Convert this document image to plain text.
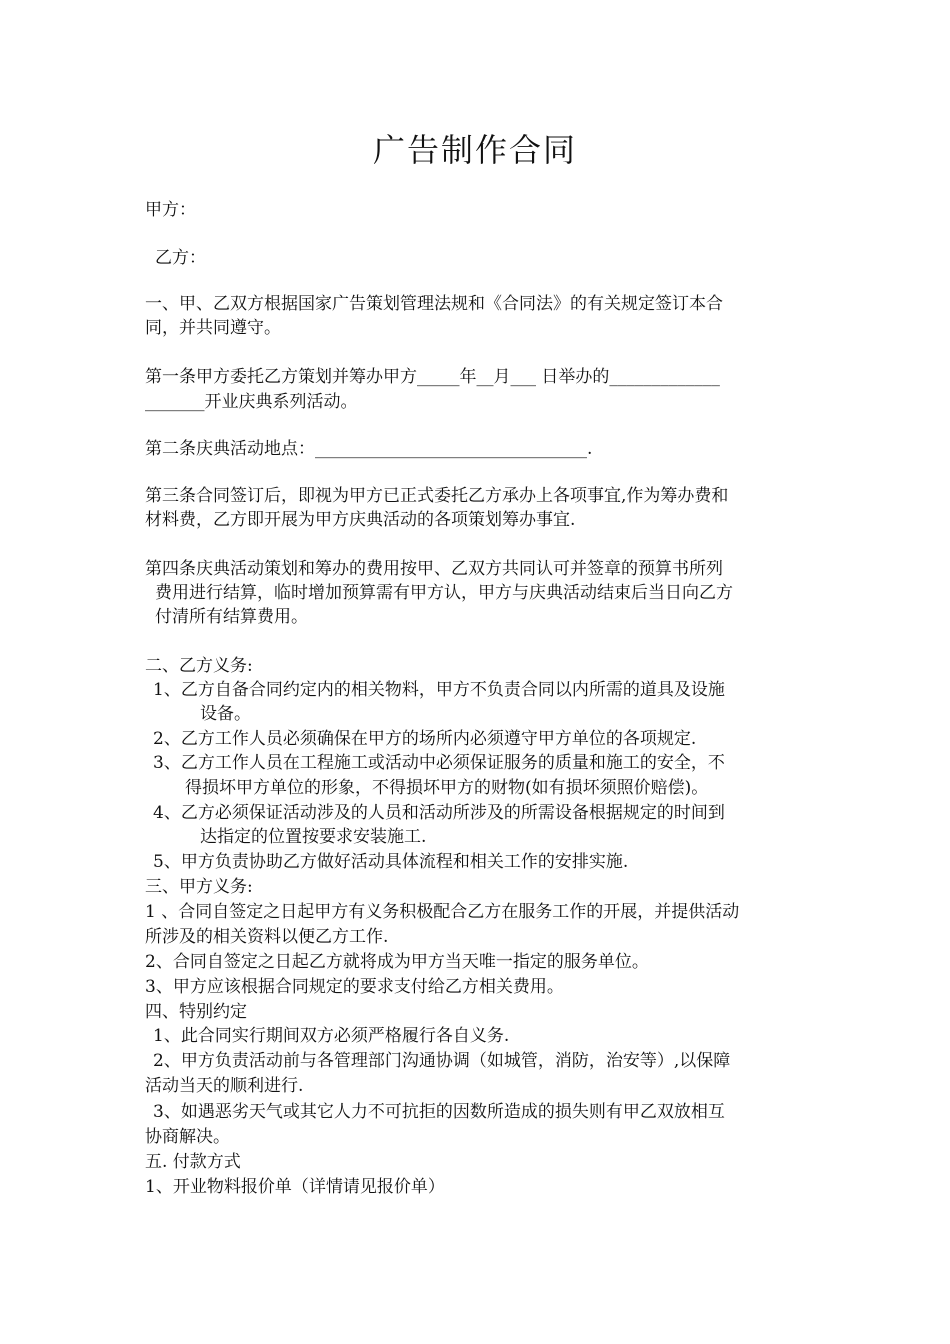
广告制作合同
甲方：
乙方：
一、甲、乙双方根据国家广告策划管理法规和《合同法》的有关规定签订本合
同，并共同遵守。
第一条甲方委托乙方策划并筹办甲方_____年__月___ 日举办的_____________
_______开业庆典系列活动。
第二条庆典活动地点：________________________________.
第三条合同签订后，即视为甲方已正式委托乙方承办上各项事宜,作为筹办费和
材料费，乙方即开展为甲方庆典活动的各项策划筹办事宜.
第四条庆典活动策划和筹办的费用按甲、乙双方共同认可并签章的预算书所列
费用进行结算，临时增加预算需有甲方认，甲方与庆典活动结束后当日向乙方
付清所有结算费用。
二、乙方义务:
1、乙方自备合同约定内的相关物料，甲方不负责合同以内所需的道具及设施
设备。
2、乙方工作人员必须确保在甲方的场所内必须遵守甲方单位的各项规定.
3、乙方工作人员在工程施工或活动中必须保证服务的质量和施工的安全，不
得损坏甲方单位的形象，不得损坏甲方的财物(如有损坏须照价赔偿)。
4、乙方必须保证活动涉及的人员和活动所涉及的所需设备根据规定的时间到
达指定的位置按要求安装施工.
5、甲方负责协助乙方做好活动具体流程和相关工作的安排实施.
三、甲方义务:
1 、合同自签定之日起甲方有义务积极配合乙方在服务工作的开展，并提供活动
所涉及的相关资料以便乙方工作.
2、合同自签定之日起乙方就将成为甲方当天唯一指定的服务单位。
3、甲方应该根据合同规定的要求支付给乙方相关费用。
四、特别约定
1、此合同实行期间双方必须严格履行各自义务.
2、甲方负责活动前与各管理部门沟通协调（如城管，消防，治安等）,以保障
活动当天的顺利进行.
3、如遇恶劣天气或其它人力不可抗拒的因数所造成的损失则有甲乙双放相互
协商解决。
五. 付款方式
1、开业物料报价单（详情请见报价单）
